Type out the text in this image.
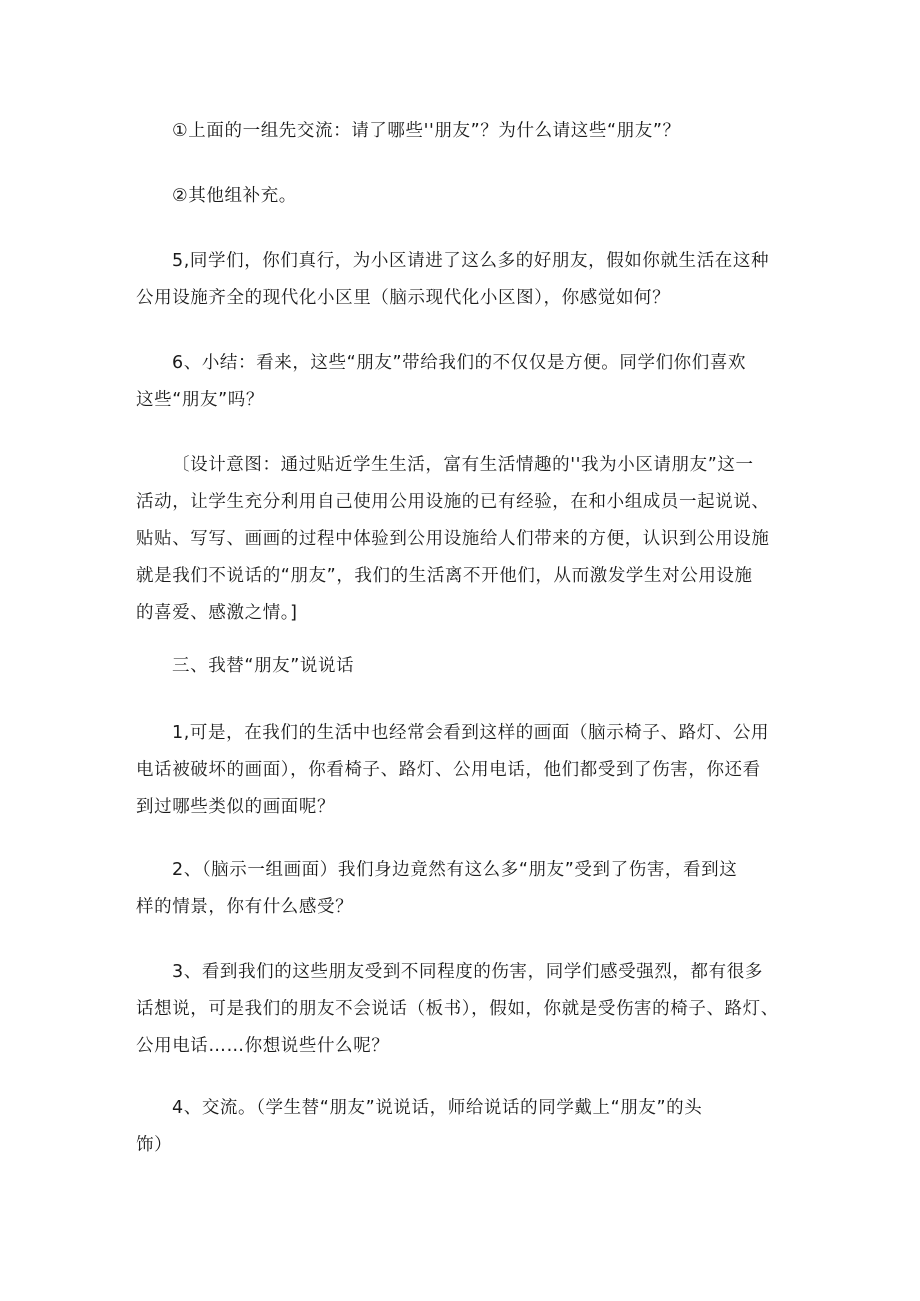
①上面的一组先交流：请了哪些''朋友”？为什么请这些“朋友”？

②其他组补充。

5,同学们，你们真行，为小区请进了这么多的好朋友，假如你就生活在这种
公用设施齐全的现代化小区里（脑示现代化小区图），你感觉如何？

6、小结：看来，这些“朋友”带给我们的不仅仅是方便。同学们你们喜欢
这些“朋友”吗？

〔设计意图：通过贴近学生生活，富有生活情趣的''我为小区请朋友”这一
活动，让学生充分利用自己使用公用设施的已有经验，在和小组成员一起说说、
贴贴、写写、画画的过程中体验到公用设施给人们带来的方便，认识到公用设施
就是我们不说话的“朋友”，我们的生活离不开他们，从而激发学生对公用设施
的喜爱、感激之情。]

三、我替“朋友”说说话

1,可是，在我们的生活中也经常会看到这样的画面（脑示椅子、路灯、公用
电话被破坏的画面），你看椅子、路灯、公用电话，他们都受到了伤害，你还看
到过哪些类似的画面呢？

2、（脑示一组画面）我们身边竟然有这么多“朋友”受到了伤害，看到这
样的情景，你有什么感受？

3、看到我们的这些朋友受到不同程度的伤害，同学们感受强烈，都有很多
话想说，可是我们的朋友不会说话（板书），假如，你就是受伤害的椅子、路灯、
公用电话……你想说些什么呢？

4、交流。（学生替“朋友”说说话，师给说话的同学戴上“朋友”的头
饰）
